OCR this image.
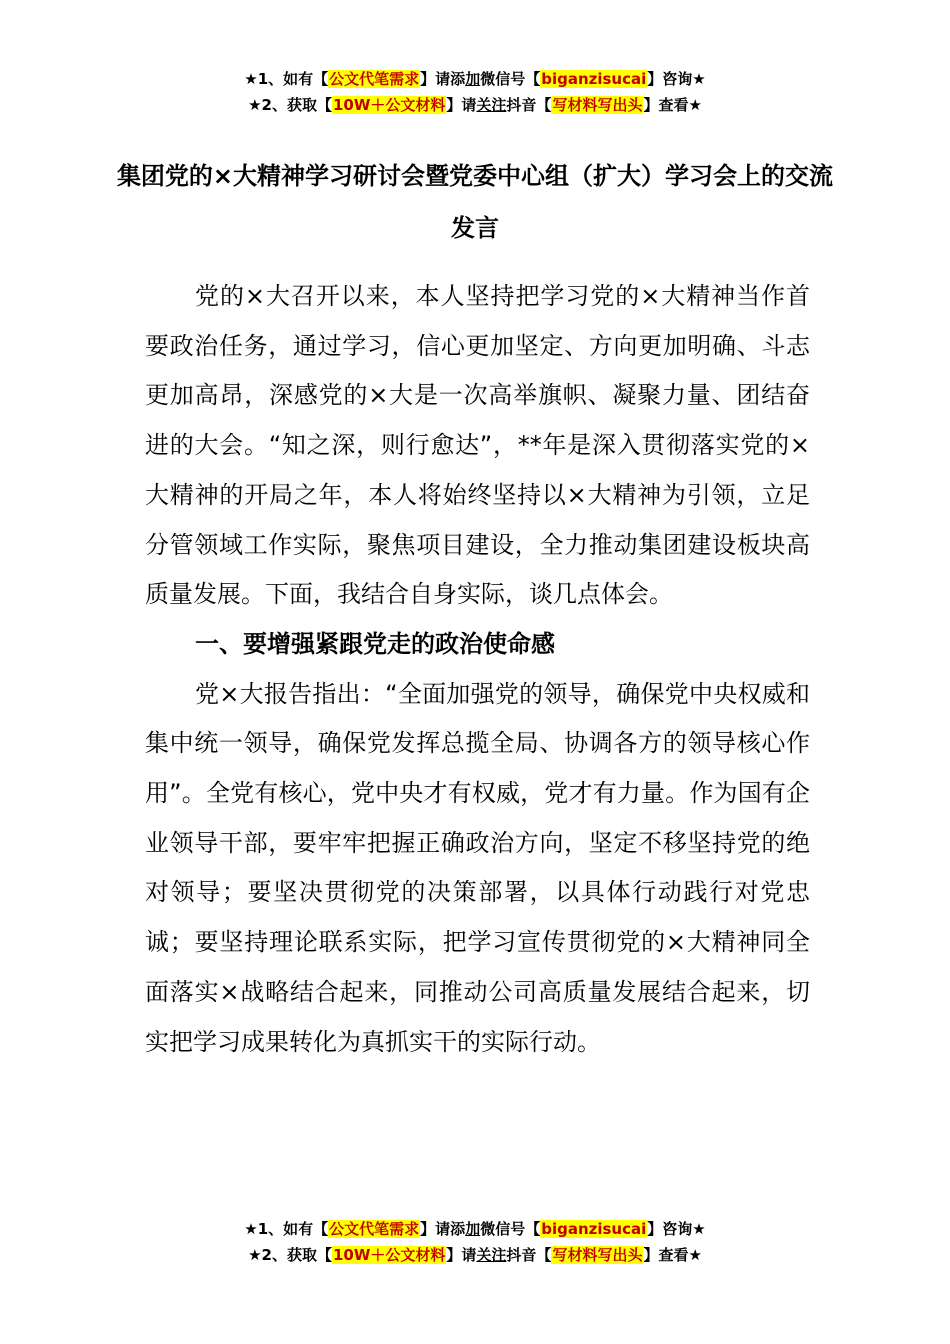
★1、如有【公文代笔需求】请添加微信号【biganzisucai】咨询★
★2、获取【10W＋公文材料】请关注抖音【写材料写出头】查看★
集团党的×大精神学习研讨会暨党委中心组（扩大）学习会上的交流发言

党的×大召开以来，本人坚持把学习党的×大精神当作首要政治任务，通过学习，信心更加坚定、方向更加明确、斗志更加高昂，深感党的×大是一次高举旗帜、凝聚力量、团结奋进的大会。“知之深，则行愈达”，**年是深入贯彻落实党的×大精神的开局之年，本人将始终坚持以×大精神为引领，立足分管领域工作实际，聚焦项目建设，全力推动集团建设板块高质量发展。下面，我结合自身实际，谈几点体会。

一、要增强紧跟党走的政治使命感

党×大报告指出：“全面加强党的领导，确保党中央权威和集中统一领导，确保党发挥总揽全局、协调各方的领导核心作用”。全党有核心，党中央才有权威，党才有力量。作为国有企业领导干部，要牢牢把握正确政治方向，坚定不移坚持党的绝对领导；要坚决贯彻党的决策部署，以具体行动践行对党忠诚；要坚持理论联系实际，把学习宣传贯彻党的×大精神同全面落实×战略结合起来，同推动公司高质量发展结合起来，切实把学习成果转化为真抓实干的实际行动。

★1、如有【公文代笔需求】请添加微信号【biganzisucai】咨询★
★2、获取【10W＋公文材料】请关注抖音【写材料写出头】查看★
